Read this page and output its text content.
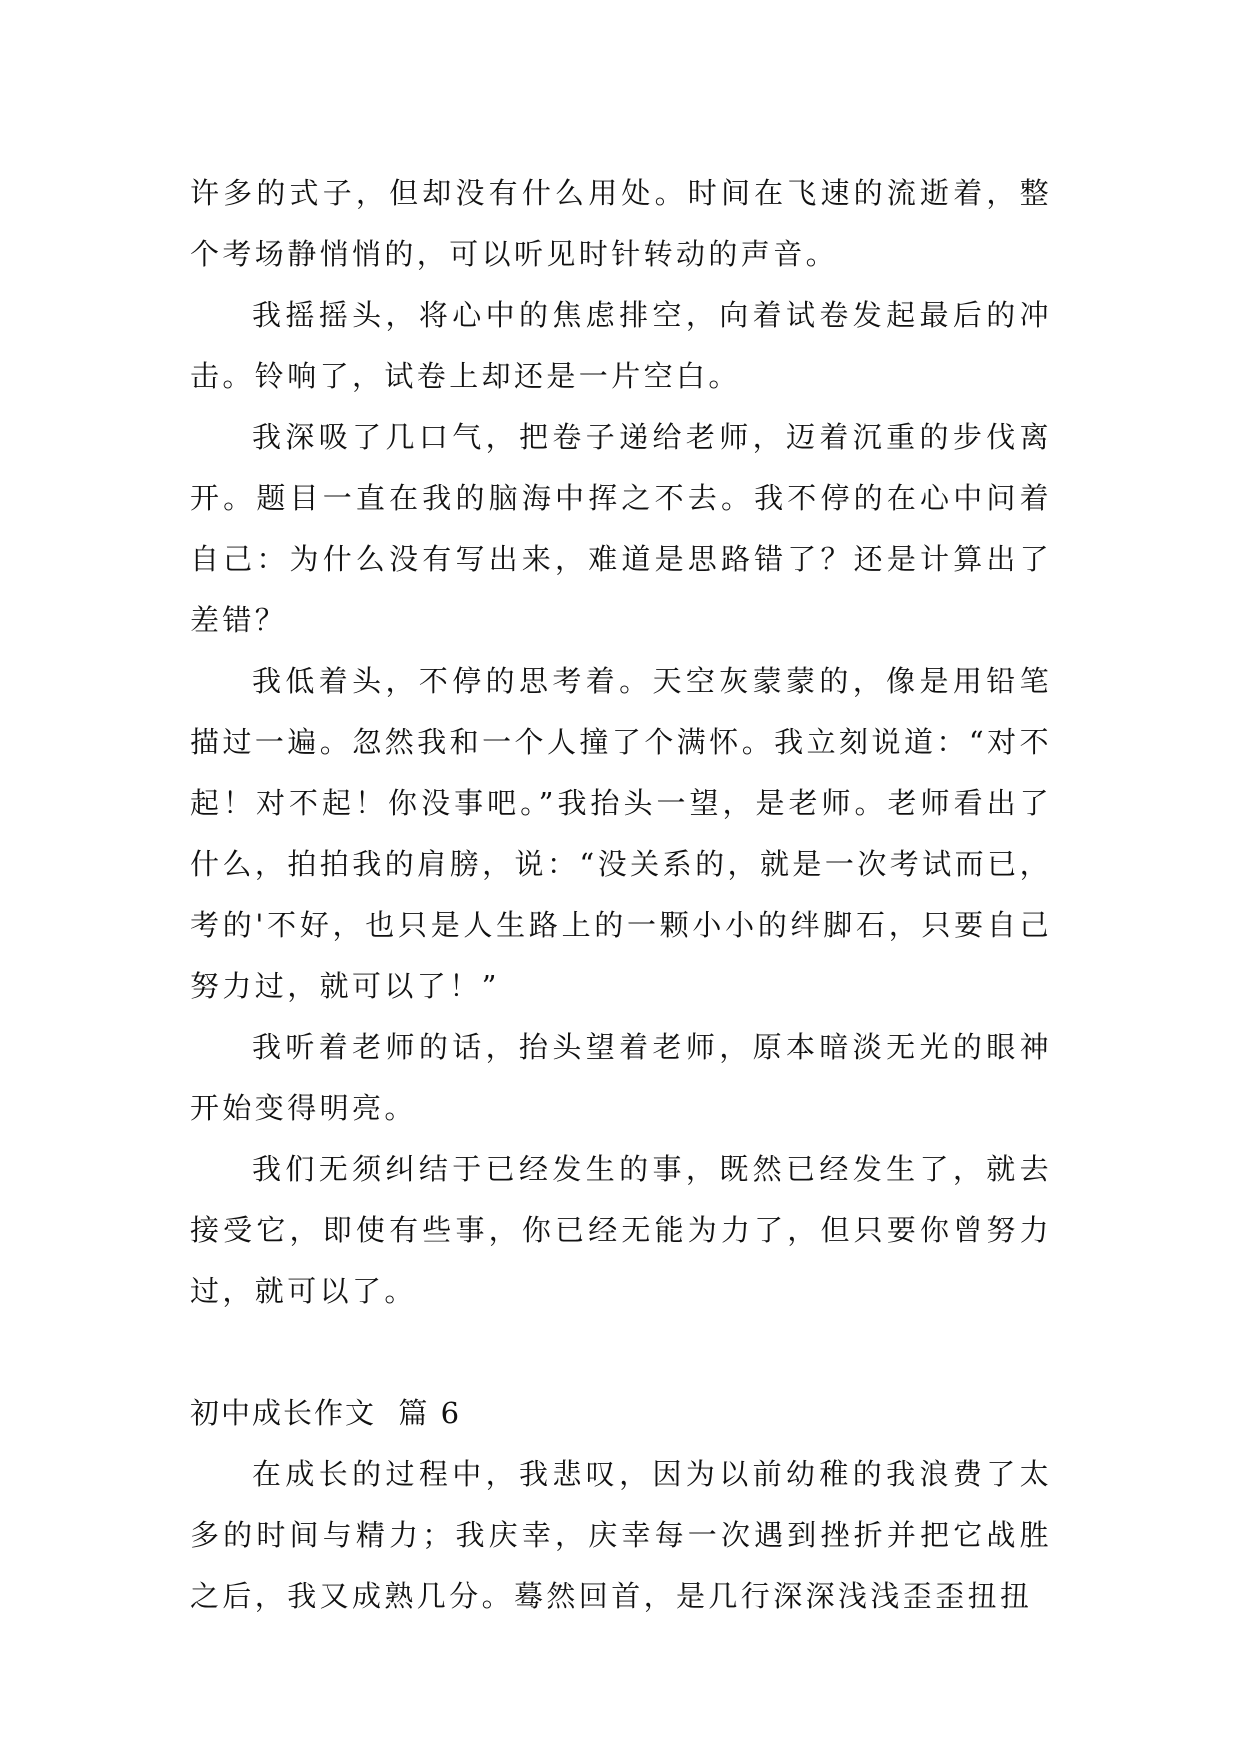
许多的式子，但却没有什么用处。时间在飞速的流逝着，整个考场静悄悄的，可以听见时针转动的声音。

我摇摇头，将心中的焦虑排空，向着试卷发起最后的冲击。铃响了，试卷上却还是一片空白。

我深吸了几口气，把卷子递给老师，迈着沉重的步伐离开。题目一直在我的脑海中挥之不去。我不停的在心中问着自己：为什么没有写出来，难道是思路错了？还是计算出了差错？

我低着头，不停的思考着。天空灰蒙蒙的，像是用铅笔描过一遍。忽然我和一个人撞了个满怀。我立刻说道：“对不起！对不起！你没事吧。”我抬头一望，是老师。老师看出了什么，拍拍我的肩膀，说：“没关系的，就是一次考试而已，考的'不好，也只是人生路上的一颗小小的绊脚石，只要自己努力过，就可以了！”

我听着老师的话，抬头望着老师，原本暗淡无光的眼神开始变得明亮。

我们无须纠结于已经发生的事，既然已经发生了，就去接受它，即使有些事，你已经无能为力了，但只要你曾努力过，就可以了。

初中成长作文  篇 6

在成长的过程中，我悲叹，因为以前幼稚的我浪费了太多的时间与精力；我庆幸，庆幸每一次遇到挫折并把它战胜之后，我又成熟几分。蓦然回首，是几行深深浅浅歪歪扭扭
